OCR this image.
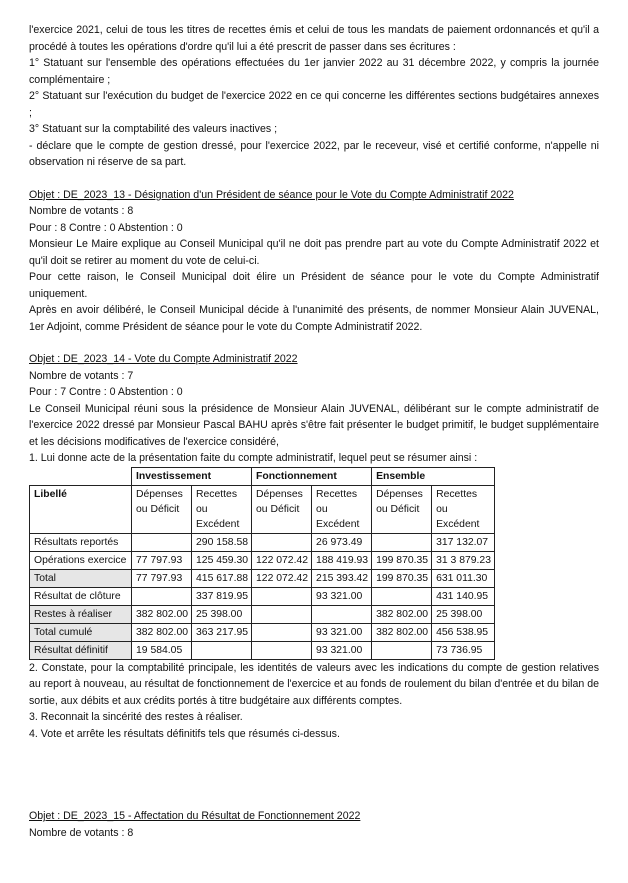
l'exercice 2021, celui de tous les titres de recettes émis et celui de tous les mandats de paiement ordonnancés et qu'il a procédé à toutes les opérations d'ordre qu'il lui a été prescrit de passer dans ses écritures :

1° Statuant sur l'ensemble des opérations effectuées du 1er janvier 2022 au 31 décembre 2022, y compris la journée complémentaire ;

2° Statuant sur l'exécution du budget de l'exercice 2022 en ce qui concerne les différentes sections budgétaires annexes ;

3° Statuant sur la comptabilité des valeurs inactives ;

- déclare que le compte de gestion dressé, pour l'exercice 2022, par le receveur, visé et certifié conforme, n'appelle ni observation ni réserve de sa part.

Objet : DE_2023_13 - Désignation d'un Président de séance pour le Vote du Compte Administratif 2022

Nombre de votants : 8

Pour : 8 Contre : 0 Abstention : 0

Monsieur Le Maire explique au Conseil Municipal qu'il ne doit pas prendre part au vote du Compte Administratif 2022 et qu'il doit se retirer au moment du vote de celui-ci.

Pour cette raison, le Conseil Municipal doit élire un Président de séance pour le vote du Compte Administratif uniquement.

Après en avoir délibéré, le Conseil Municipal décide à l'unanimité des présents, de nommer Monsieur Alain JUVENAL, 1er Adjoint, comme Président de séance pour le vote du Compte Administratif 2022.

Objet : DE_2023_14 - Vote du Compte Administratif 2022

Nombre de votants : 7

Pour : 7 Contre : 0 Abstention : 0

Le Conseil Municipal réuni sous la présidence de Monsieur Alain JUVENAL, délibérant sur le compte administratif de l'exercice 2022 dressé par Monsieur Pascal BAHU après s'être fait présenter le budget primitif, le budget supplémentaire et les décisions modificatives de l'exercice considéré,

1. Lui donne acte de la présentation faite du compte administratif, lequel peut se résumer ainsi :

	Investissement		Fonctionnement		Ensemble	
Libellé	Dépenses
ou Déficit	Recettes
ou
Excédent	Dépenses
ou Déficit	Recettes
ou
Excédent	Dépenses
ou Déficit	Recettes
ou
Excédent

Résultats reportés		290 158.58		26 973.49		317 132.07
Opérations exercice	77 797.93	125 459.30	122 072.42	188 419.93	199 870.35	31 3 879.23
Total	77 797.93	415 617.88	122 072.42	215 393.42	199 870.35	631 011.30
Résultat de clôture		337 819.95		93 321.00		431 140.95
Restes à réaliser	382 802.00	25 398.00			382 802.00	25 398.00
Total cumulé	382 802.00	363 217.95		93 321.00	382 802.00	456 538.95
Résultat définitif	19 584.05			93 321.00		73 736.95

2. Constate, pour la comptabilité principale, les identités de valeurs avec les indications du compte de gestion relatives au report à nouveau, au résultat de fonctionnement de l'exercice et au fonds de roulement du bilan d'entrée et du bilan de sortie, aux débits et aux crédits portés à titre budgétaire aux différents comptes.

3. Reconnait la sincérité des restes à réaliser.

4. Vote et arrête les résultats définitifs tels que résumés ci-dessus.

Objet : DE_2023_15 - Affectation du Résultat de Fonctionnement 2022

Nombre de votants : 8
